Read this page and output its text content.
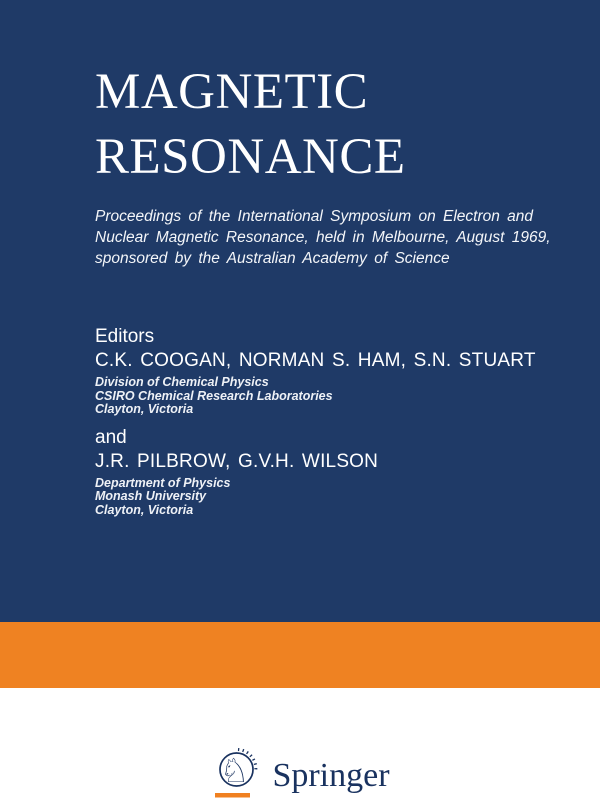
MAGNETIC
RESONANCE
Proceedings of the International Symposium on Electron and
Nuclear Magnetic Resonance, held in Melbourne, August 1969,
sponsored by the Australian Academy of Science
Editors
C.K. COOGAN, NORMAN S. HAM, S.N. STUART
Division of Chemical Physics
CSIRO Chemical Research Laboratories
Clayton, Victoria
and
J.R. PILBROW, G.V.H. WILSON
Department of Physics
Monash University
Clayton, Victoria
♘ Springer
